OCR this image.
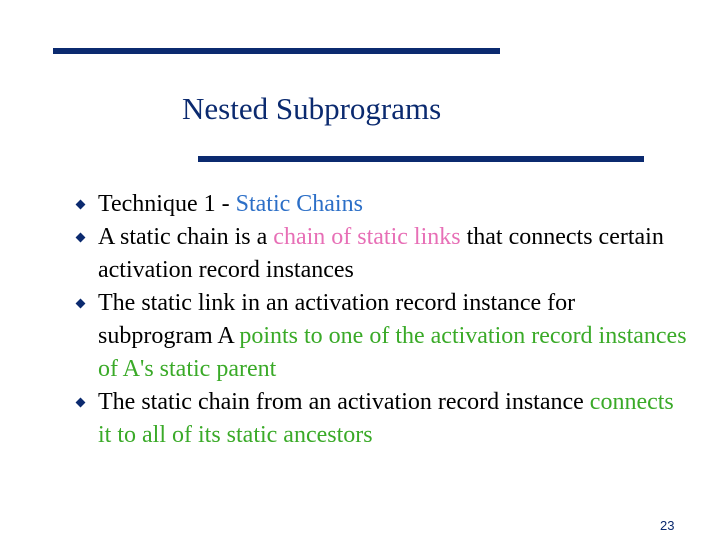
Nested Subprograms
Technique 1 - Static Chains
A static chain is a chain of static links that connects certain activation record instances
The static link in an activation record instance for subprogram A points to one of the activation record instances of A's static parent
The static chain from an activation record instance connects it to all of its static ancestors
23
